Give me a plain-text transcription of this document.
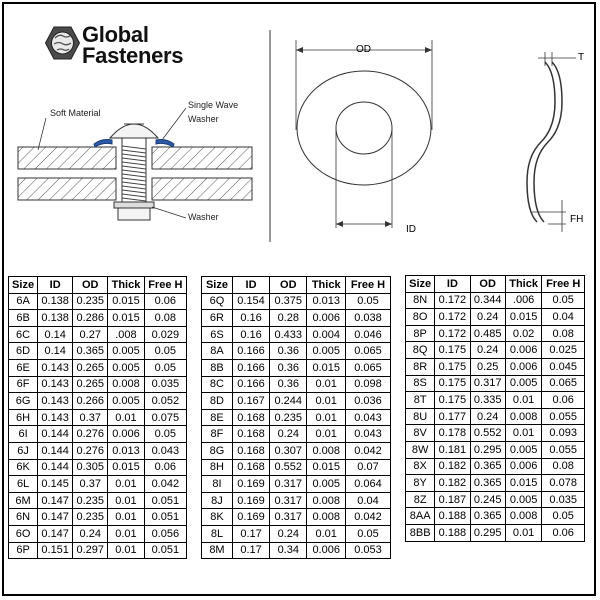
Global
Fasteners
Soft Material
Single Wave
Washer
Washer
OD
ID
T
FH
Size	ID	OD	Thick	Free H
6A	0.138	0.235	0.015	0.06
6B	0.138	0.286	0.015	0.08
6C	0.14	0.27	.008	0.029
6D	0.14	0.365	0.005	0.05
6E	0.143	0.265	0.005	0.05
6F	0.143	0.265	0.008	0.035
6G	0.143	0.266	0.005	0.052
6H	0.143	0.37	0.01	0.075
6I	0.144	0.276	0.006	0.05
6J	0.144	0.276	0.013	0.043
6K	0.144	0.305	0.015	0.06
6L	0.145	0.37	0.01	0.042
6M	0.147	0.235	0.01	0.051
6N	0.147	0.235	0.01	0.051
6O	0.147	0.24	0.01	0.056
6P	0.151	0.297	0.01	0.051
Size	ID	OD	Thick	Free H
6Q	0.154	0.375	0.013	0.05
6R	0.16	0.28	0.006	0.038
6S	0.16	0.433	0.004	0.046
8A	0.166	0.36	0.005	0.065
8B	0.166	0.36	0.015	0.065
8C	0.166	0.36	0.01	0.098
8D	0.167	0.244	0.01	0.036
8E	0.168	0.235	0.01	0.043
8F	0.168	0.24	0.01	0.043
8G	0.168	0.307	0.008	0.042
8H	0.168	0.552	0.015	0.07
8I	0.169	0.317	0.005	0.064
8J	0.169	0.317	0.008	0.04
8K	0.169	0.317	0.008	0.042
8L	0.17	0.24	0.01	0.05
8M	0.17	0.34	0.006	0.053
Size	ID	OD	Thick	Free H
8N	0.172	0.344	.006	0.05
8O	0.172	0.24	0.015	0.04
8P	0.172	0.485	0.02	0.08
8Q	0.175	0.24	0.006	0.025
8R	0.175	0.25	0.006	0.045
8S	0.175	0.317	0.005	0.065
8T	0.175	0.335	0.01	0.06
8U	0.177	0.24	0.008	0.055
8V	0.178	0.552	0.01	0.093
8W	0.181	0.295	0.005	0.055
8X	0.182	0.365	0.006	0.08
8Y	0.182	0.365	0.015	0.078
8Z	0.187	0.245	0.005	0.035
8AA	0.188	0.365	0.008	0.05
8BB	0.188	0.295	0.01	0.06
